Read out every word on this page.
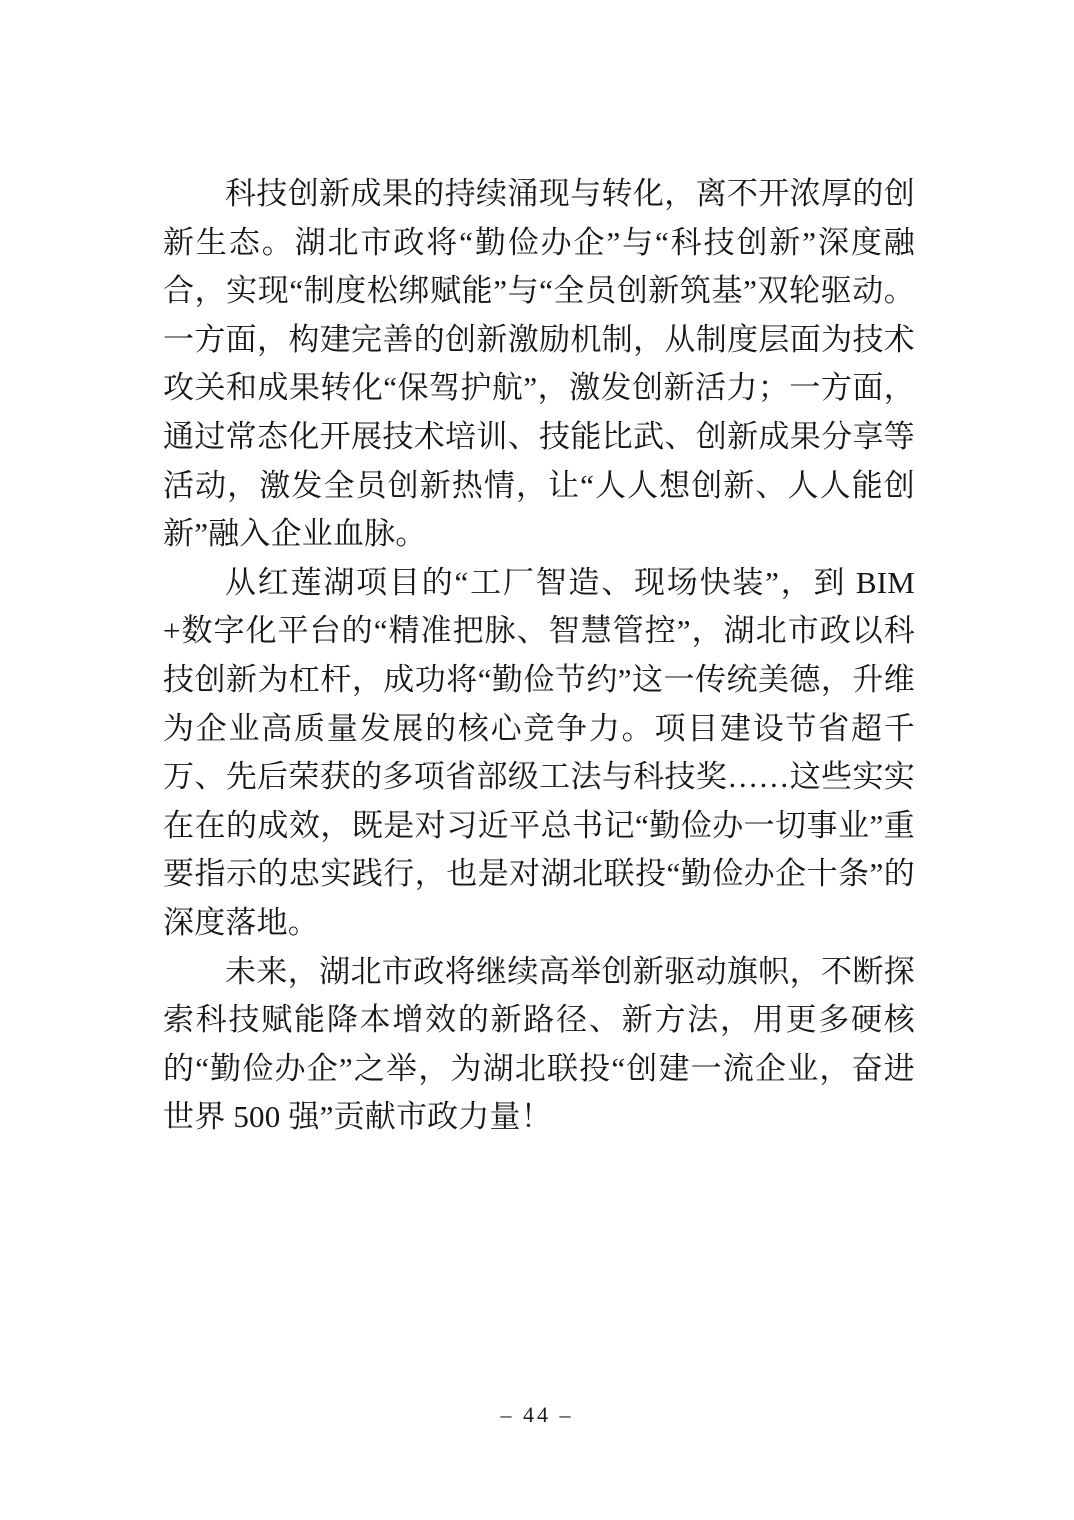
科技创新成果的持续涌现与转化，离不开浓厚的创新生态。湖北市政将“勤俭办企”与“科技创新”深度融合，实现“制度松绑赋能”与“全员创新筑基”双轮驱动。一方面，构建完善的创新激励机制，从制度层面为技术攻关和成果转化“保驾护航”，激发创新活力；一方面，通过常态化开展技术培训、技能比武、创新成果分享等活动，激发全员创新热情，让“人人想创新、人人能创新”融入企业血脉。

从红莲湖项目的“工厂智造、现场快装”，到 BIM+数字化平台的“精准把脉、智慧管控”，湖北市政以科技创新为杠杆，成功将“勤俭节约”这一传统美德，升维为企业高质量发展的核心竞争力。项目建设节省超千万、先后荣获的多项省部级工法与科技奖……这些实实在在的成效，既是对习近平总书记“勤俭办一切事业”重要指示的忠实践行，也是对湖北联投“勤俭办企十条”的深度落地。

未来，湖北市政将继续高举创新驱动旗帜，不断探索科技赋能降本增效的新路径、新方法，用更多硬核的“勤俭办企”之举，为湖北联投“创建一流企业，奋进世界 500 强”贡献市政力量！

– 44 –
